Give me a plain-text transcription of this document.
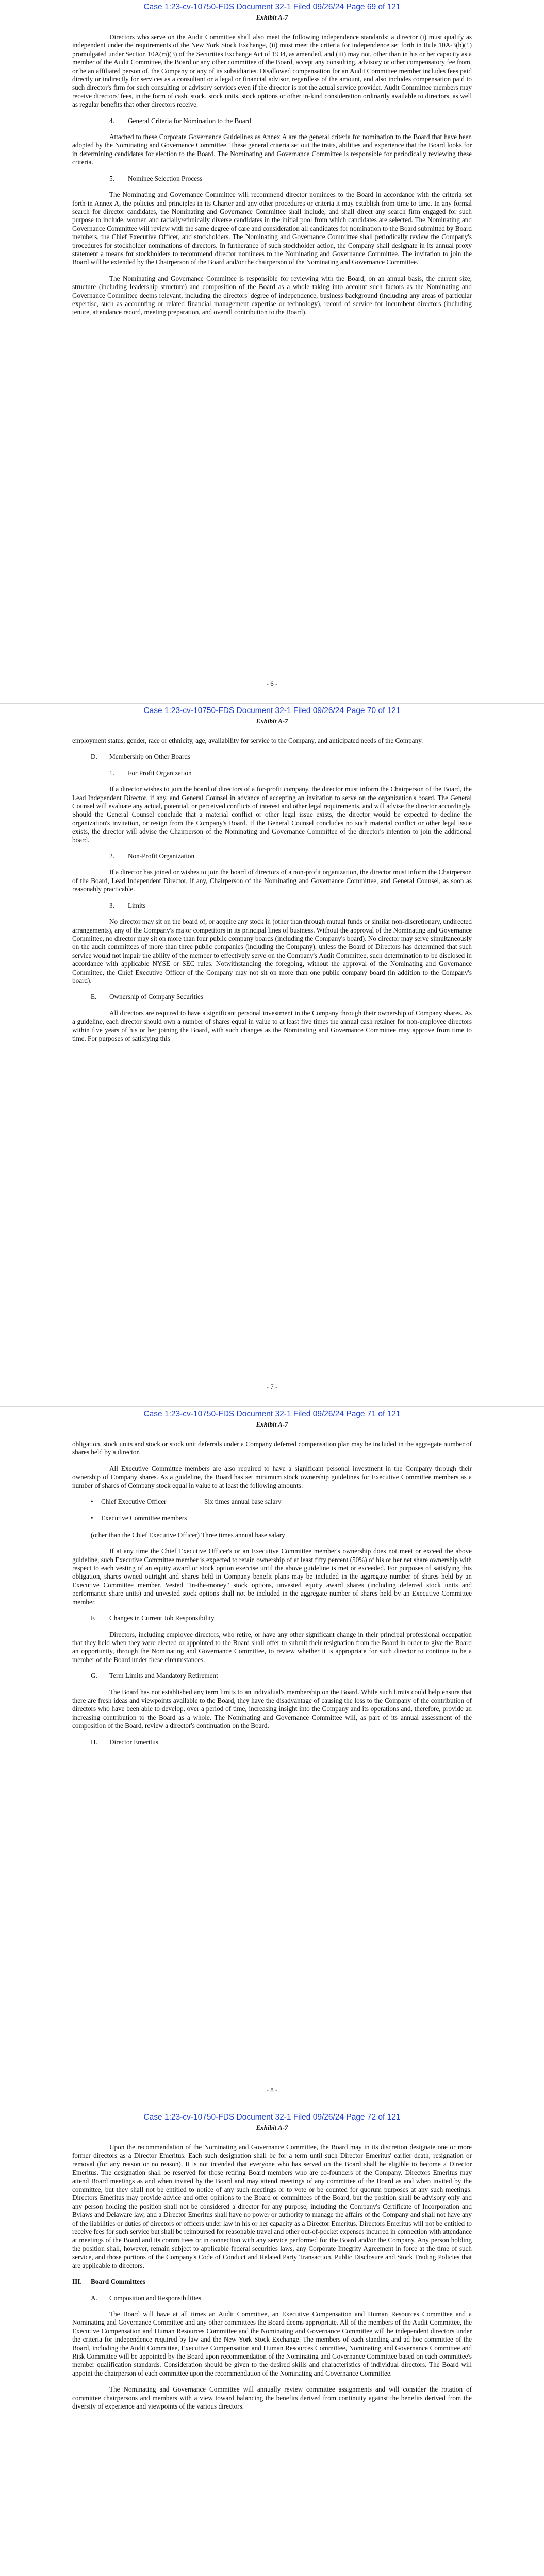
Case 1:23-cv-10750-FDS Document 32-1 Filed 09/26/24 Page 69 of 121

Exhibit A-7

Directors who serve on the Audit Committee shall also meet the following independence standards: a director (i) must qualify as independent under the requirements of the New York Stock Exchange, (ii) must meet the criteria for independence set forth in Rule 10A-3(b)(1) promulgated under Section 10A(m)(3) of the Securities Exchange Act of 1934, as amended, and (iii) may not, other than in his or her capacity as a member of the Audit Committee, the Board or any other committee of the Board, accept any consulting, advisory or other compensatory fee from, or be an affiliated person of, the Company or any of its subsidiaries. Disallowed compensation for an Audit Committee member includes fees paid directly or indirectly for services as a consultant or a legal or financial advisor, regardless of the amount, and also includes compensation paid to such director's firm for such consulting or advisory services even if the director is not the actual service provider. Audit Committee members may receive directors' fees, in the form of cash, stock, stock units, stock options or other in-kind consideration ordinarily available to directors, as well as regular benefits that other directors receive.

4.	General Criteria for Nomination to the Board

Attached to these Corporate Governance Guidelines as Annex A are the general criteria for nomination to the Board that have been adopted by the Nominating and Governance Committee. These general criteria set out the traits, abilities and experience that the Board looks for in determining candidates for election to the Board. The Nominating and Governance Committee is responsible for periodically reviewing these criteria.

5.	Nominee Selection Process

The Nominating and Governance Committee will recommend director nominees to the Board in accordance with the criteria set forth in Annex A, the policies and principles in its Charter and any other procedures or criteria it may establish from time to time. In any formal search for director candidates, the Nominating and Governance Committee shall include, and shall direct any search firm engaged for such purpose to include, women and racially/ethnically diverse candidates in the initial pool from which candidates are selected. The Nominating and Governance Committee will review with the same degree of care and consideration all candidates for nomination to the Board submitted by Board members, the Chief Executive Officer, and stockholders. The Nominating and Governance Committee shall periodically review the Company's procedures for stockholder nominations of directors. In furtherance of such stockholder action, the Company shall designate in its annual proxy statement a means for stockholders to recommend director nominees to the Nominating and Governance Committee. The invitation to join the Board will be extended by the Chairperson of the Board and/or the chairperson of the Nominating and Governance Committee.

The Nominating and Governance Committee is responsible for reviewing with the Board, on an annual basis, the current size, structure (including leadership structure) and composition of the Board as a whole taking into account such factors as the Nominating and Governance Committee deems relevant, including the directors' degree of independence, business background (including any areas of particular expertise, such as accounting or related financial management expertise or technology), record of service for incumbent directors (including tenure, attendance record, meeting preparation, and overall contribution to the Board),

- 6 -

Case 1:23-cv-10750-FDS Document 32-1 Filed 09/26/24 Page 70 of 121

Exhibit A-7

employment status, gender, race or ethnicity, age, availability for service to the Company, and anticipated needs of the Company.

D.	Membership on Other Boards
1.	For Profit Organization

If a director wishes to join the board of directors of a for-profit company, the director must inform the Chairperson of the Board, the Lead Independent Director, if any, and General Counsel in advance of accepting an invitation to serve on the organization's board. The General Counsel will evaluate any actual, potential, or perceived conflicts of interest and other legal requirements, and will advise the director accordingly. Should the General Counsel conclude that a material conflict or other legal issue exists, the director would be expected to decline the organization's invitation, or resign from the Company's Board. If the General Counsel concludes no such material conflict or other legal issue exists, the director will advise the Chairperson of the Nominating and Governance Committee of the director's intention to join the additional board.

2.	Non-Profit Organization

If a director has joined or wishes to join the board of directors of a non-profit organization, the director must inform the Chairperson of the Board, Lead Independent Director, if any, Chairperson of the Nominating and Governance Committee, and General Counsel, as soon as reasonably practicable.

3.	Limits

No director may sit on the board of, or acquire any stock in (other than through mutual funds or similar non-discretionary, undirected arrangements), any of the Company's major competitors in its principal lines of business. Without the approval of the Nominating and Governance Committee, no director may sit on more than four public company boards (including the Company's board). No director may serve simultaneously on the audit committees of more than three public companies (including the Company), unless the Board of Directors has determined that such service would not impair the ability of the member to effectively serve on the Company's Audit Committee, such determination to be disclosed in accordance with applicable NYSE or SEC rules. Notwithstanding the foregoing, without the approval of the Nominating and Governance Committee, the Chief Executive Officer of the Company may not sit on more than one public company board (in addition to the Company's board).

E.	Ownership of Company Securities

All directors are required to have a significant personal investment in the Company through their ownership of Company shares. As a guideline, each director should own a number of shares equal in value to at least five times the annual cash retainer for non-employee directors within five years of his or her joining the Board, with such changes as the Nominating and Governance Committee may approve from time to time. For purposes of satisfying this

- 7 -

Case 1:23-cv-10750-FDS Document 32-1 Filed 09/26/24 Page 71 of 121

Exhibit A-7

obligation, stock units and stock or stock unit deferrals under a Company deferred compensation plan may be included in the aggregate number of shares held by a director.

All Executive Committee members are also required to have a significant personal investment in the Company through their ownership of Company shares. As a guideline, the Board has set minimum stock ownership guidelines for Executive Committee members as a number of shares of Company stock equal in value to at least the following amounts:

•	Chief Executive Officer	Six times annual base salary
•	Executive Committee members

(other than the Chief Executive Officer) Three times annual base salary

If at any time the Chief Executive Officer's or an Executive Committee member's ownership does not meet or exceed the above guideline, such Executive Committee member is expected to retain ownership of at least fifty percent (50%) of his or her net share ownership with respect to each vesting of an equity award or stock option exercise until the above guideline is met or exceeded. For purposes of satisfying this obligation, shares owned outright and shares held in Company benefit plans may be included in the aggregate number of shares held by an Executive Committee member. Vested "in-the-money" stock options, unvested equity award shares (including deferred stock units and performance share units) and unvested stock options shall not be included in the aggregate number of shares held by an Executive Committee member.

F.	Changes in Current Job Responsibility

Directors, including employee directors, who retire, or have any other significant change in their principal professional occupation that they held when they were elected or appointed to the Board shall offer to submit their resignation from the Board in order to give the Board an opportunity, through the Nominating and Governance Committee, to review whether it is appropriate for such director to continue to be a member of the Board under these circumstances.

G.	Term Limits and Mandatory Retirement

The Board has not established any term limits to an individual's membership on the Board. While such limits could help ensure that there are fresh ideas and viewpoints available to the Board, they have the disadvantage of causing the loss to the Company of the contribution of directors who have been able to develop, over a period of time, increasing insight into the Company and its operations and, therefore, provide an increasing contribution to the Board as a whole. The Nominating and Governance Committee will, as part of its annual assessment of the composition of the Board, review a director's continuation on the Board.

H.	Director Emeritus
- 8 -

Case 1:23-cv-10750-FDS Document 32-1 Filed 09/26/24 Page 72 of 121

Exhibit A-7

Upon the recommendation of the Nominating and Governance Committee, the Board may in its discretion designate one or more former directors as a Director Emeritus. Each such designation shall be for a term until such Director Emeritus' earlier death, resignation or removal (for any reason or no reason). It is not intended that everyone who has served on the Board shall be eligible to become a Director Emeritus. The designation shall be reserved for those retiring Board members who are co-founders of the Company. Directors Emeritus may attend Board meetings as and when invited by the Board and may attend meetings of any committee of the Board as and when invited by the committee, but they shall not be entitled to notice of any such meetings or to vote or be counted for quorum purposes at any such meetings. Directors Emeritus may provide advice and offer opinions to the Board or committees of the Board, but the position shall be advisory only and any person holding the position shall not be considered a director for any purpose, including the Company's Certificate of Incorporation and Bylaws and Delaware law, and a Director Emeritus shall have no power or authority to manage the affairs of the Company and shall not have any of the liabilities or duties of directors or officers under law in his or her capacity as a Director Emeritus. Directors Emeritus will not be entitled to receive fees for such service but shall be reimbursed for reasonable travel and other out-of-pocket expenses incurred in connection with attendance at meetings of the Board and its committees or in connection with any service performed for the Board and/or the Company. Any person holding the position shall, however, remain subject to applicable federal securities laws, any Corporate Integrity Agreement in force at the time of such service, and those portions of the Company's Code of Conduct and Related Party Transaction, Public Disclosure and Stock Trading Policies that are applicable to directors.

III.	Board Committees
A.	Composition and Responsibilities

The Board will have at all times an Audit Committee, an Executive Compensation and Human Resources Committee and a Nominating and Governance Committee and any other committees the Board deems appropriate. All of the members of the Audit Committee, the Executive Compensation and Human Resources Committee and the Nominating and Governance Committee will be independent directors under the criteria for independence required by law and the New York Stock Exchange. The members of each standing and ad hoc committee of the Board, including the Audit Committee, Executive Compensation and Human Resources Committee, Nominating and Governance Committee and Risk Committee will be appointed by the Board upon recommendation of the Nominating and Governance Committee based on each committee's member qualification standards. Consideration should be given to the desired skills and characteristics of individual directors. The Board will appoint the chairperson of each committee upon the recommendation of the Nominating and Governance Committee.

The Nominating and Governance Committee will annually review committee assignments and will consider the rotation of committee chairpersons and members with a view toward balancing the benefits derived from continuity against the benefits derived from the diversity of experience and viewpoints of the various directors.
